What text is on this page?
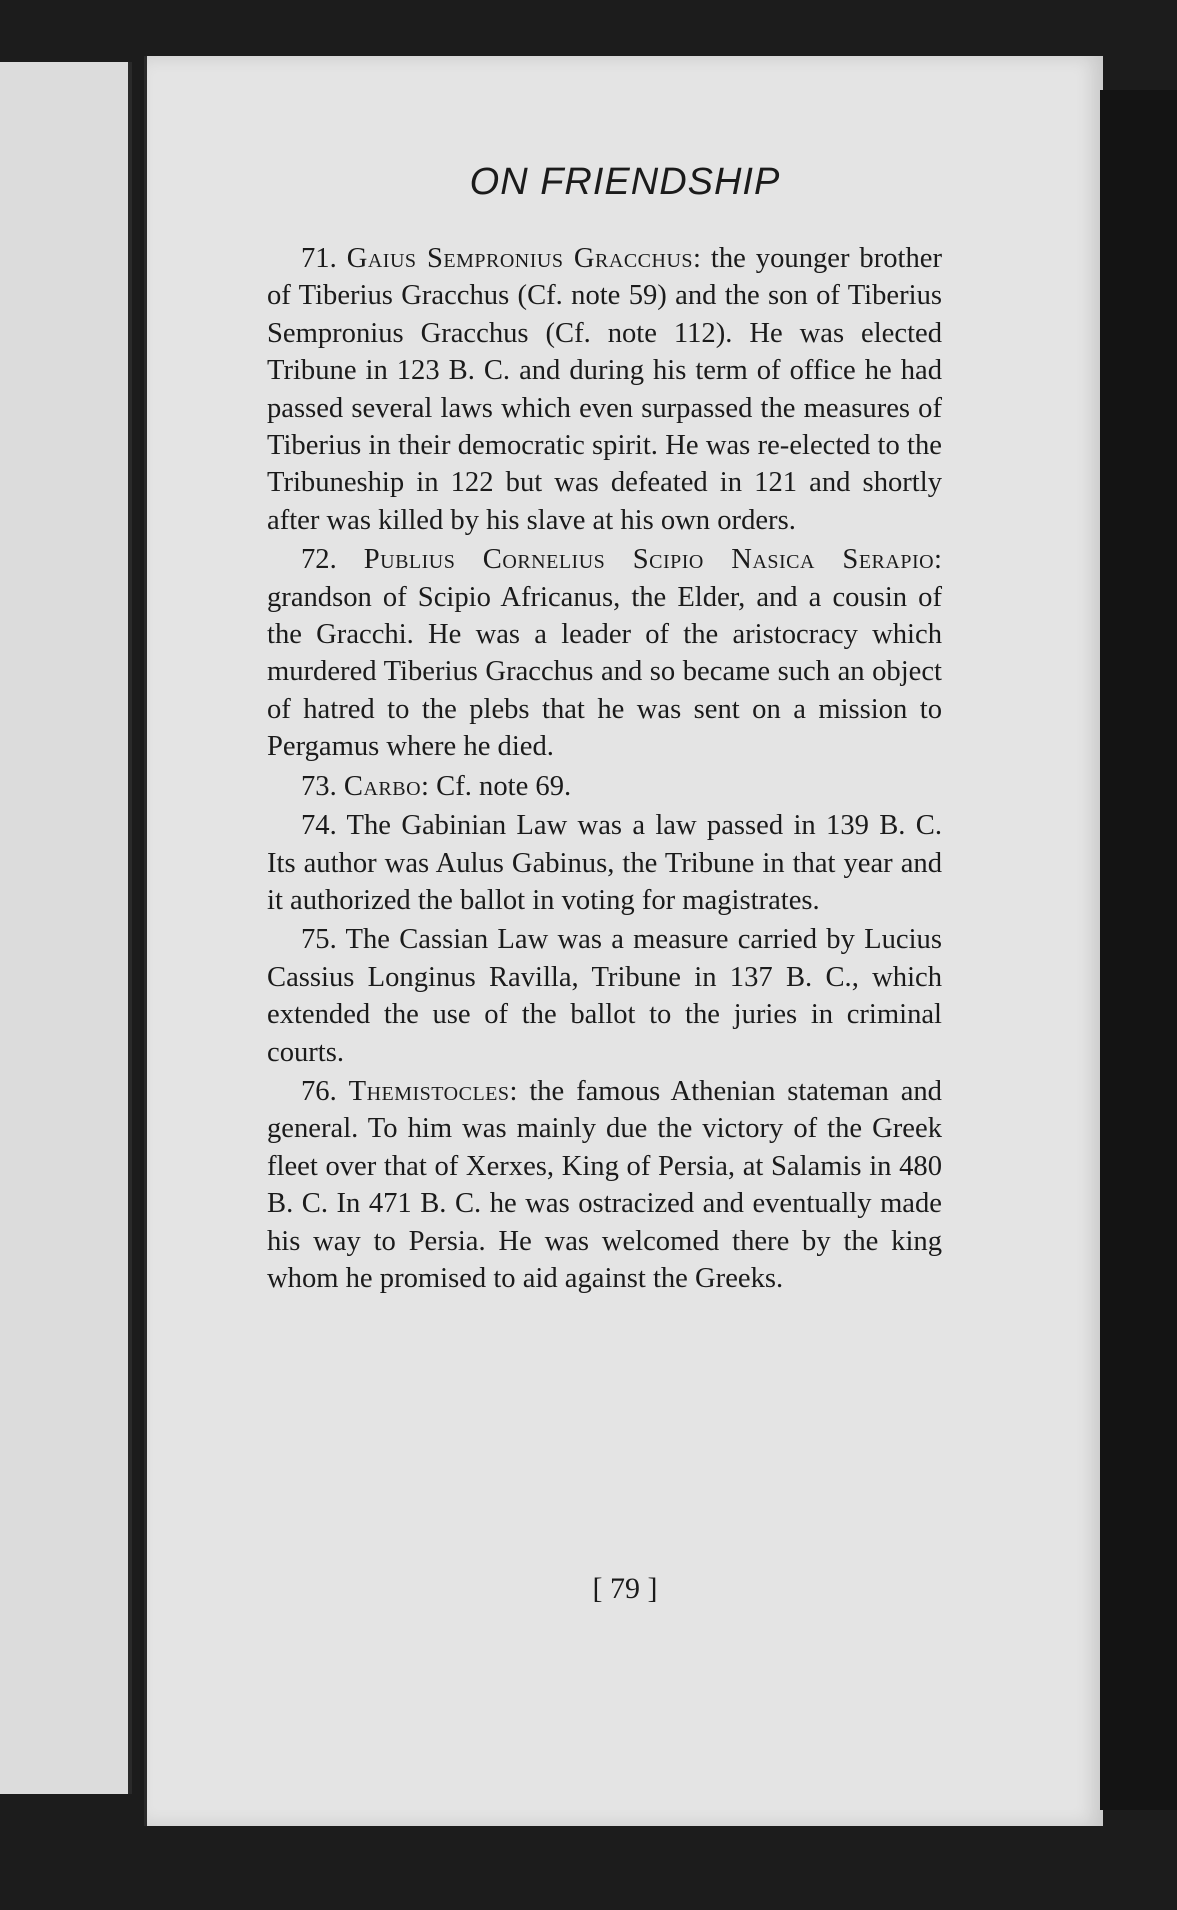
ON FRIENDSHIP

71. Gaius Sempronius Gracchus: the younger brother of Tiberius Gracchus (Cf. note 59) and the son of Tiberius Sempronius Gracchus (Cf. note 112). He was elected Tribune in 123 B. C. and during his term of office he had passed several laws which even surpassed the measures of Tiberius in their democratic spirit. He was re-elected to the Tribuneship in 122 but was defeated in 121 and shortly after was killed by his slave at his own orders.

72. Publius Cornelius Scipio Nasica Serapio: grandson of Scipio Africanus, the Elder, and a cousin of the Gracchi. He was a leader of the aristocracy which murdered Tiberius Gracchus and so became such an object of hatred to the plebs that he was sent on a mission to Pergamus where he died.

73. Carbo: Cf. note 69.

74. The Gabinian Law was a law passed in 139 B. C. Its author was Aulus Gabinus, the Tribune in that year and it authorized the ballot in voting for magistrates.

75. The Cassian Law was a measure carried by Lucius Cassius Longinus Ravilla, Tribune in 137 B. C., which extended the use of the ballot to the juries in criminal courts.

76. Themistocles: the famous Athenian stateman and general. To him was mainly due the victory of the Greek fleet over that of Xerxes, King of Persia, at Salamis in 480 B. C. In 471 B. C. he was ostracized and eventually made his way to Persia. He was welcomed there by the king whom he promised to aid against the Greeks.

[ 79 ]
